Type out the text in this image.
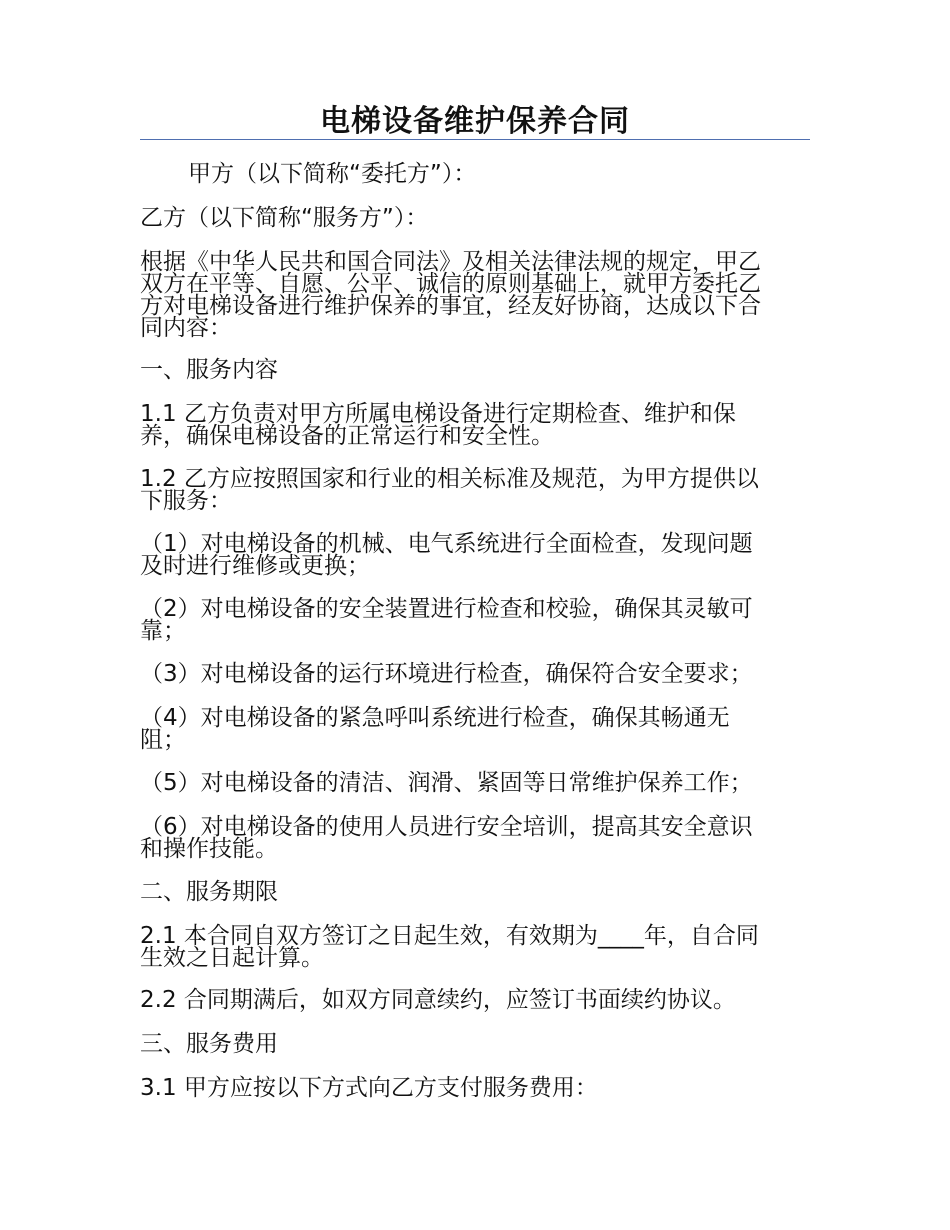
电梯设备维护保养合同
甲方（以下简称“委托方”）：
乙方（以下简称“服务方”）：
根据《中华人民共和国合同法》及相关法律法规的规定，甲乙
双方在平等、自愿、公平、诚信的原则基础上，就甲方委托乙
方对电梯设备进行维护保养的事宜，经友好协商，达成以下合
同内容：
一、服务内容
1.1 乙方负责对甲方所属电梯设备进行定期检查、维护和保
养，确保电梯设备的正常运行和安全性。
1.2 乙方应按照国家和行业的相关标准及规范，为甲方提供以
下服务：
（1）对电梯设备的机械、电气系统进行全面检查，发现问题
及时进行维修或更换；
（2）对电梯设备的安全装置进行检查和校验，确保其灵敏可
靠；
（3）对电梯设备的运行环境进行检查，确保符合安全要求；
（4）对电梯设备的紧急呼叫系统进行检查，确保其畅通无
阻；
（5）对电梯设备的清洁、润滑、紧固等日常维护保养工作；
（6）对电梯设备的使用人员进行安全培训，提高其安全意识
和操作技能。
二、服务期限
2.1 本合同自双方签订之日起生效，有效期为____年，自合同
生效之日起计算。
2.2 合同期满后，如双方同意续约，应签订书面续约协议。
三、服务费用
3.1 甲方应按以下方式向乙方支付服务费用：
